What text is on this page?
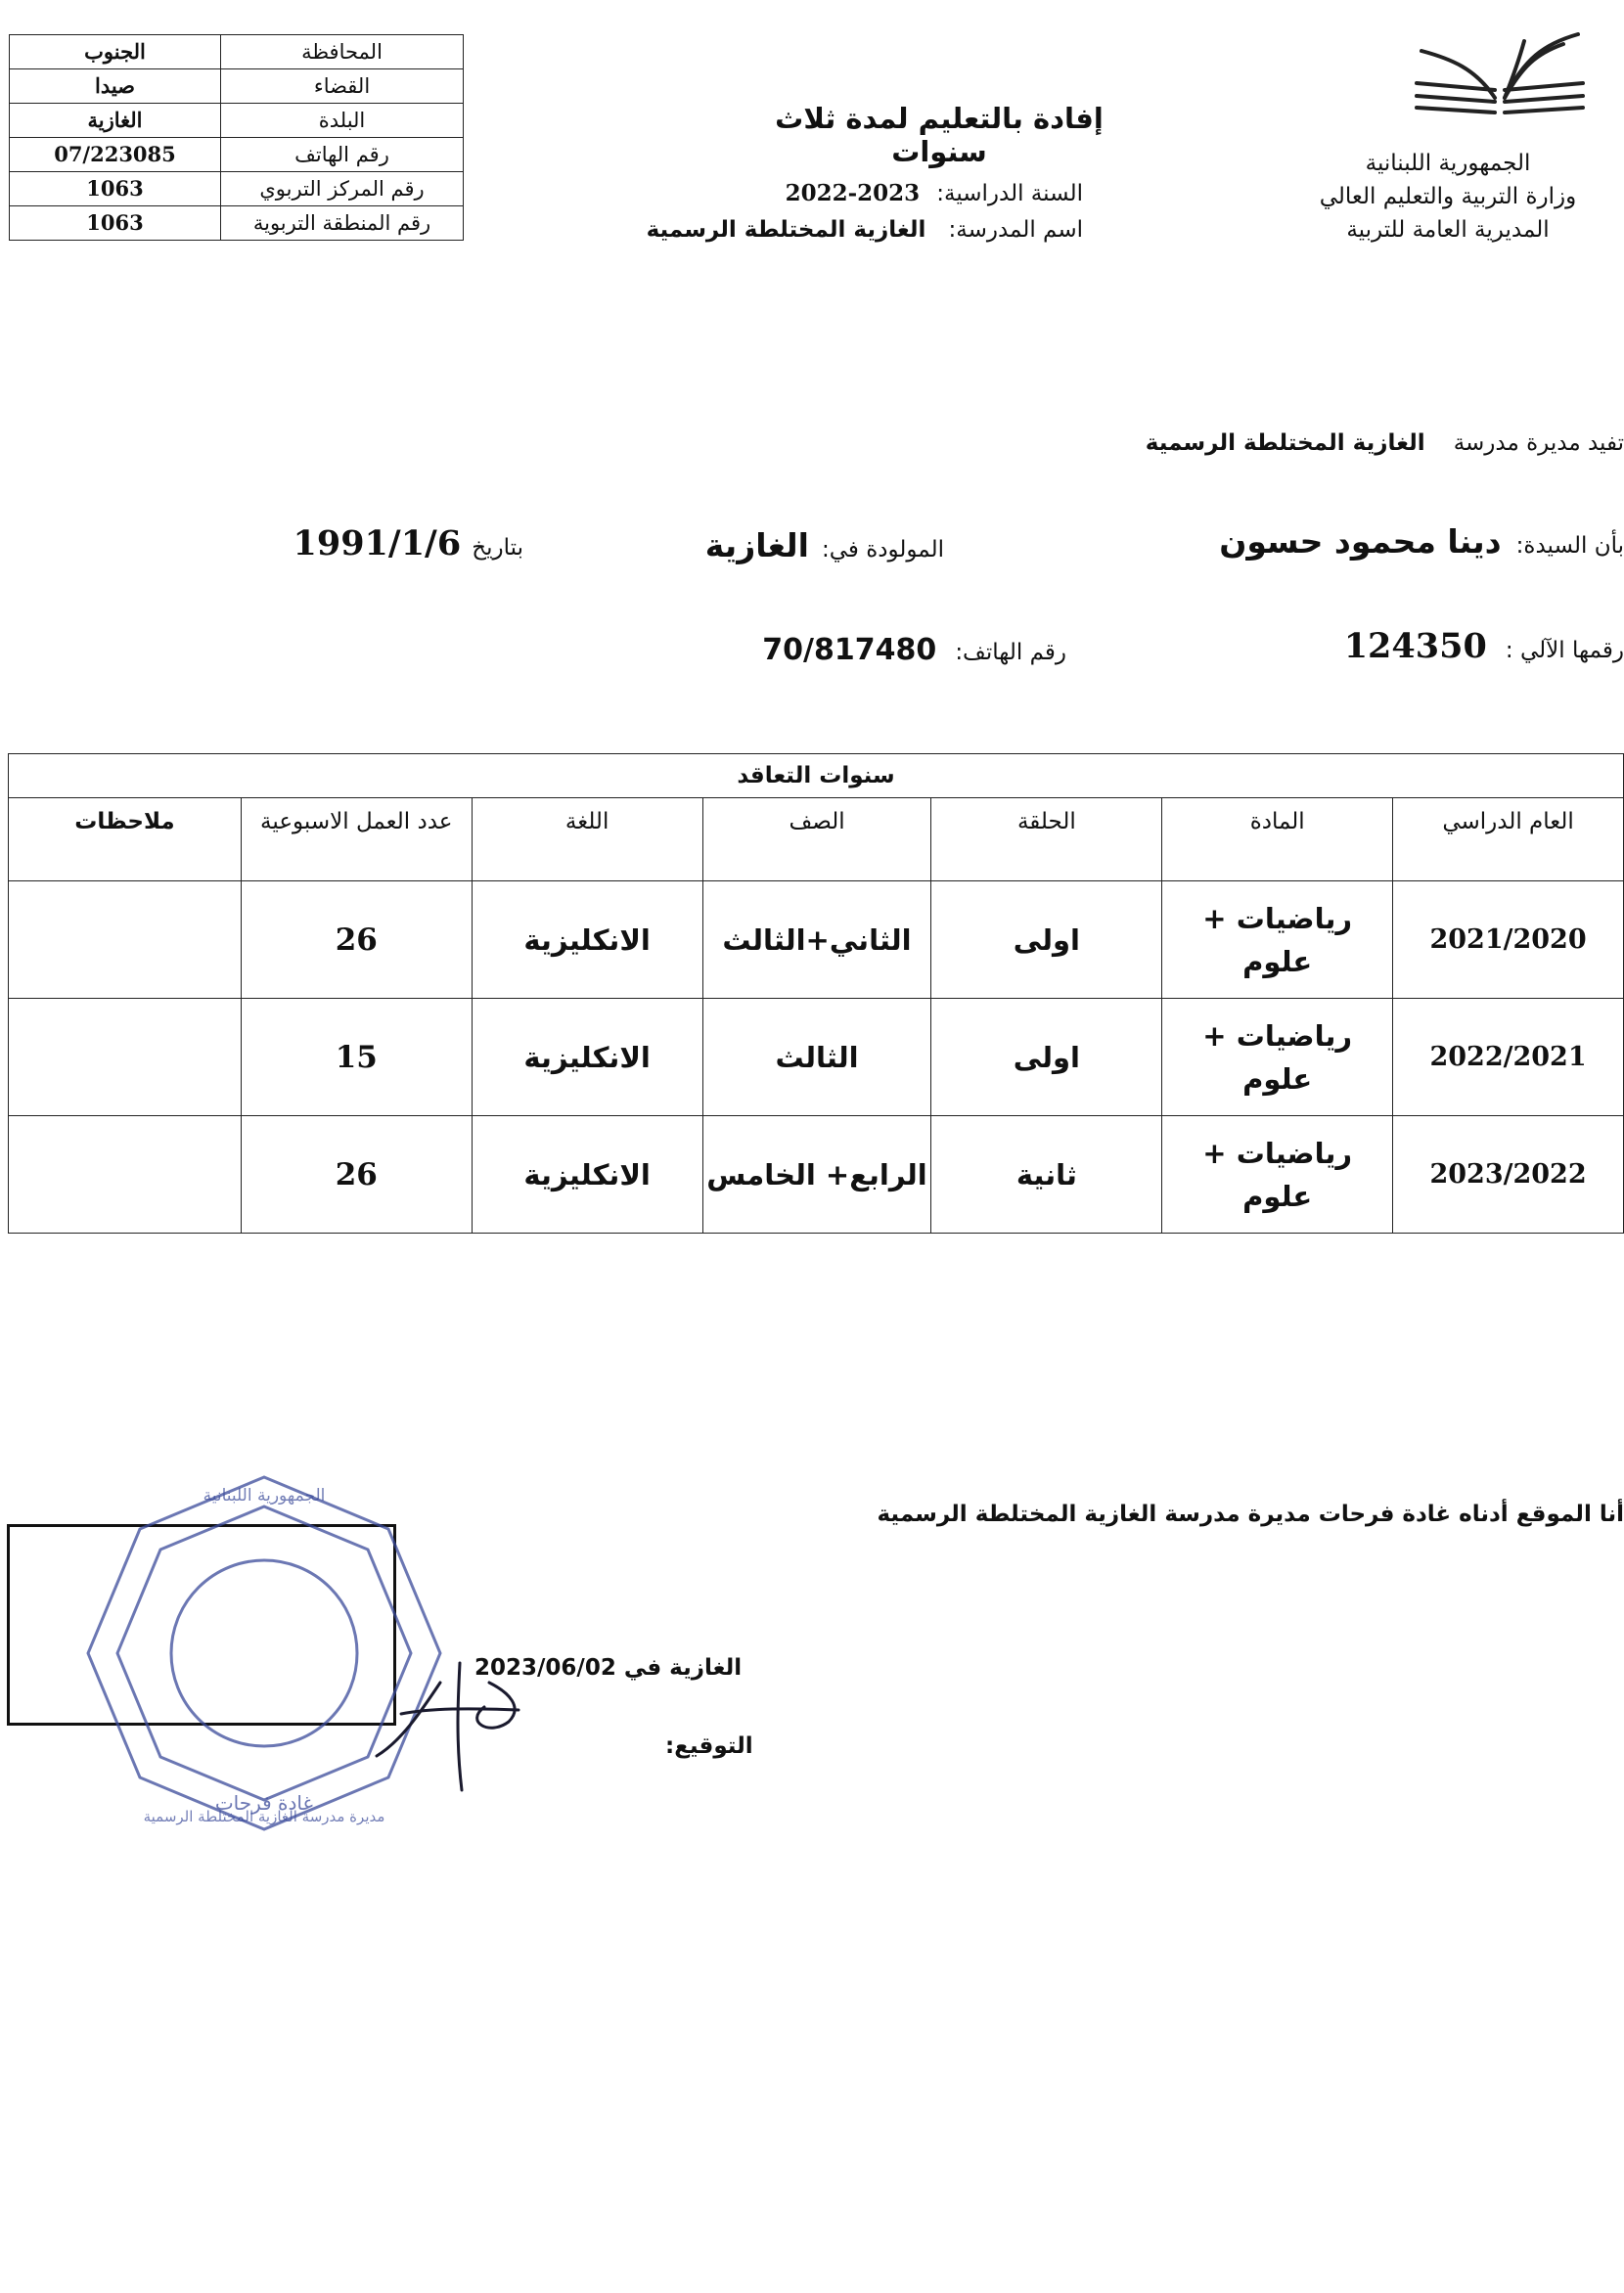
المحافظة	الجنوب
القضاء	صيدا
البلدة	الغازية
رقم الهاتف	07/223085
رقم المركز التربوي	1063
رقم المنطقة التربوية	1063
الجمهورية اللبنانية
وزارة التربية والتعليم العالي
المديرية العامة للتربية
إفادة بالتعليم لمدة ثلاث سنوات
السنة الدراسية: 2023-2022
اسم المدرسة: الغازية المختلطة الرسمية
تفيد مديرة مدرسة الغازية المختلطة الرسمية
بأن السيدة: دينا محمود حسون
المولودة في: الغازية
بتاريخ 1991/1/6
رقمها الآلي : 124350
رقم الهاتف: 70/817480
سنوات التعاقد						
العام الدراسي	المادة	الحلقة	الصف	اللغة	عدد العمل الاسبوعية	ملاحظات
2021/2020	رياضيات + علوم	اولى	الثاني+الثالث	الانكليزية	26	
2022/2021	رياضيات + علوم	اولى	الثالث	الانكليزية	15	
2023/2022	رياضيات + علوم	ثانية	الرابع+ الخامس	الانكليزية	26	
أنا الموقع أدناه غادة فرحات مديرة مدرسة الغازية المختلطة الرسمية
الغازية في 2023/06/02
التوقيع:
الجمهورية اللبنانية
مديرة مدرسة الغازية المختلطة الرسمية
غادة فرحات
